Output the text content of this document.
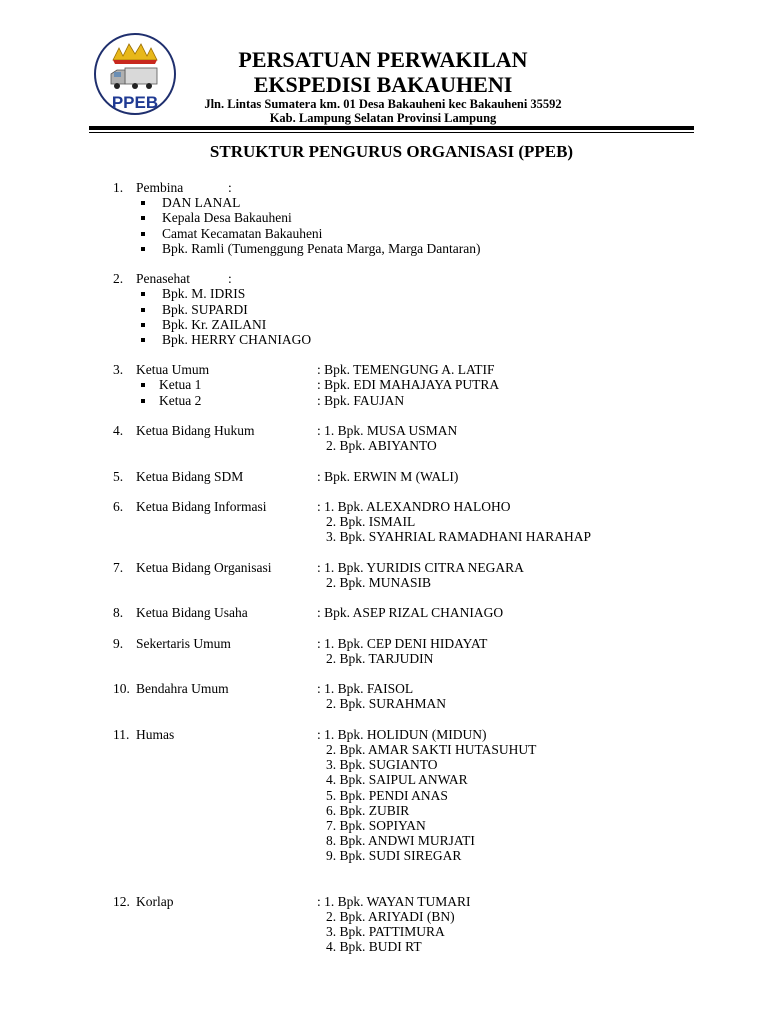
PPEB
PERSATUAN PERWAKILAN
EKSPEDISI BAKAUHENI
Jln. Lintas Sumatera km. 01 Desa Bakauheni kec Bakauheni 35592
Kab. Lampung Selatan Provinsi Lampung
STRUKTUR PENGURUS ORGANISASI (PPEB)
1. Pembina	:
DAN LANAL
Kepala Desa Bakauheni
Camat Kecamatan Bakauheni
Bpk. Ramli (Tumenggung Penata Marga, Marga Dantaran)
2. Penasehat	:
Bpk. M. IDRIS
Bpk. SUPARDI
Bpk. Kr. ZAILANI
Bpk. HERRY CHANIAGO
3. Ketua Umum	: Bpk. TEMENGUNG A. LATIF
Ketua 1	: Bpk. EDI MAHAJAYA PUTRA
Ketua 2	: Bpk. FAUJAN
4. Ketua Bidang Hukum	: 1. Bpk. MUSA USMAN
2. Bpk. ABIYANTO
5. Ketua Bidang SDM	: Bpk. ERWIN M (WALI)
6. Ketua Bidang Informasi	: 1. Bpk. ALEXANDRO HALOHO
2. Bpk. ISMAIL
3. Bpk. SYAHRIAL RAMADHANI HARAHAP
7. Ketua Bidang Organisasi	: 1. Bpk. YURIDIS CITRA NEGARA
2. Bpk. MUNASIB
8. Ketua Bidang Usaha	: Bpk. ASEP RIZAL CHANIAGO
9. Sekertaris Umum	: 1. Bpk. CEP DENI HIDAYAT
2. Bpk. TARJUDIN
10. Bendahra Umum	: 1. Bpk. FAISOL
2. Bpk. SURAHMAN
11. Humas	: 1. Bpk. HOLIDUN (MIDUN)
2. Bpk. AMAR SAKTI HUTASUHUT
3. Bpk. SUGIANTO
4. Bpk. SAIPUL ANWAR
5. Bpk. PENDI ANAS
6. Bpk. ZUBIR
7. Bpk. SOPIYAN
8. Bpk. ANDWI MURJATI
9. Bpk. SUDI SIREGAR
12. Korlap	: 1. Bpk. WAYAN TUMARI
2. Bpk. ARIYADI (BN)
3. Bpk. PATTIMURA
4. Bpk. BUDI RT
